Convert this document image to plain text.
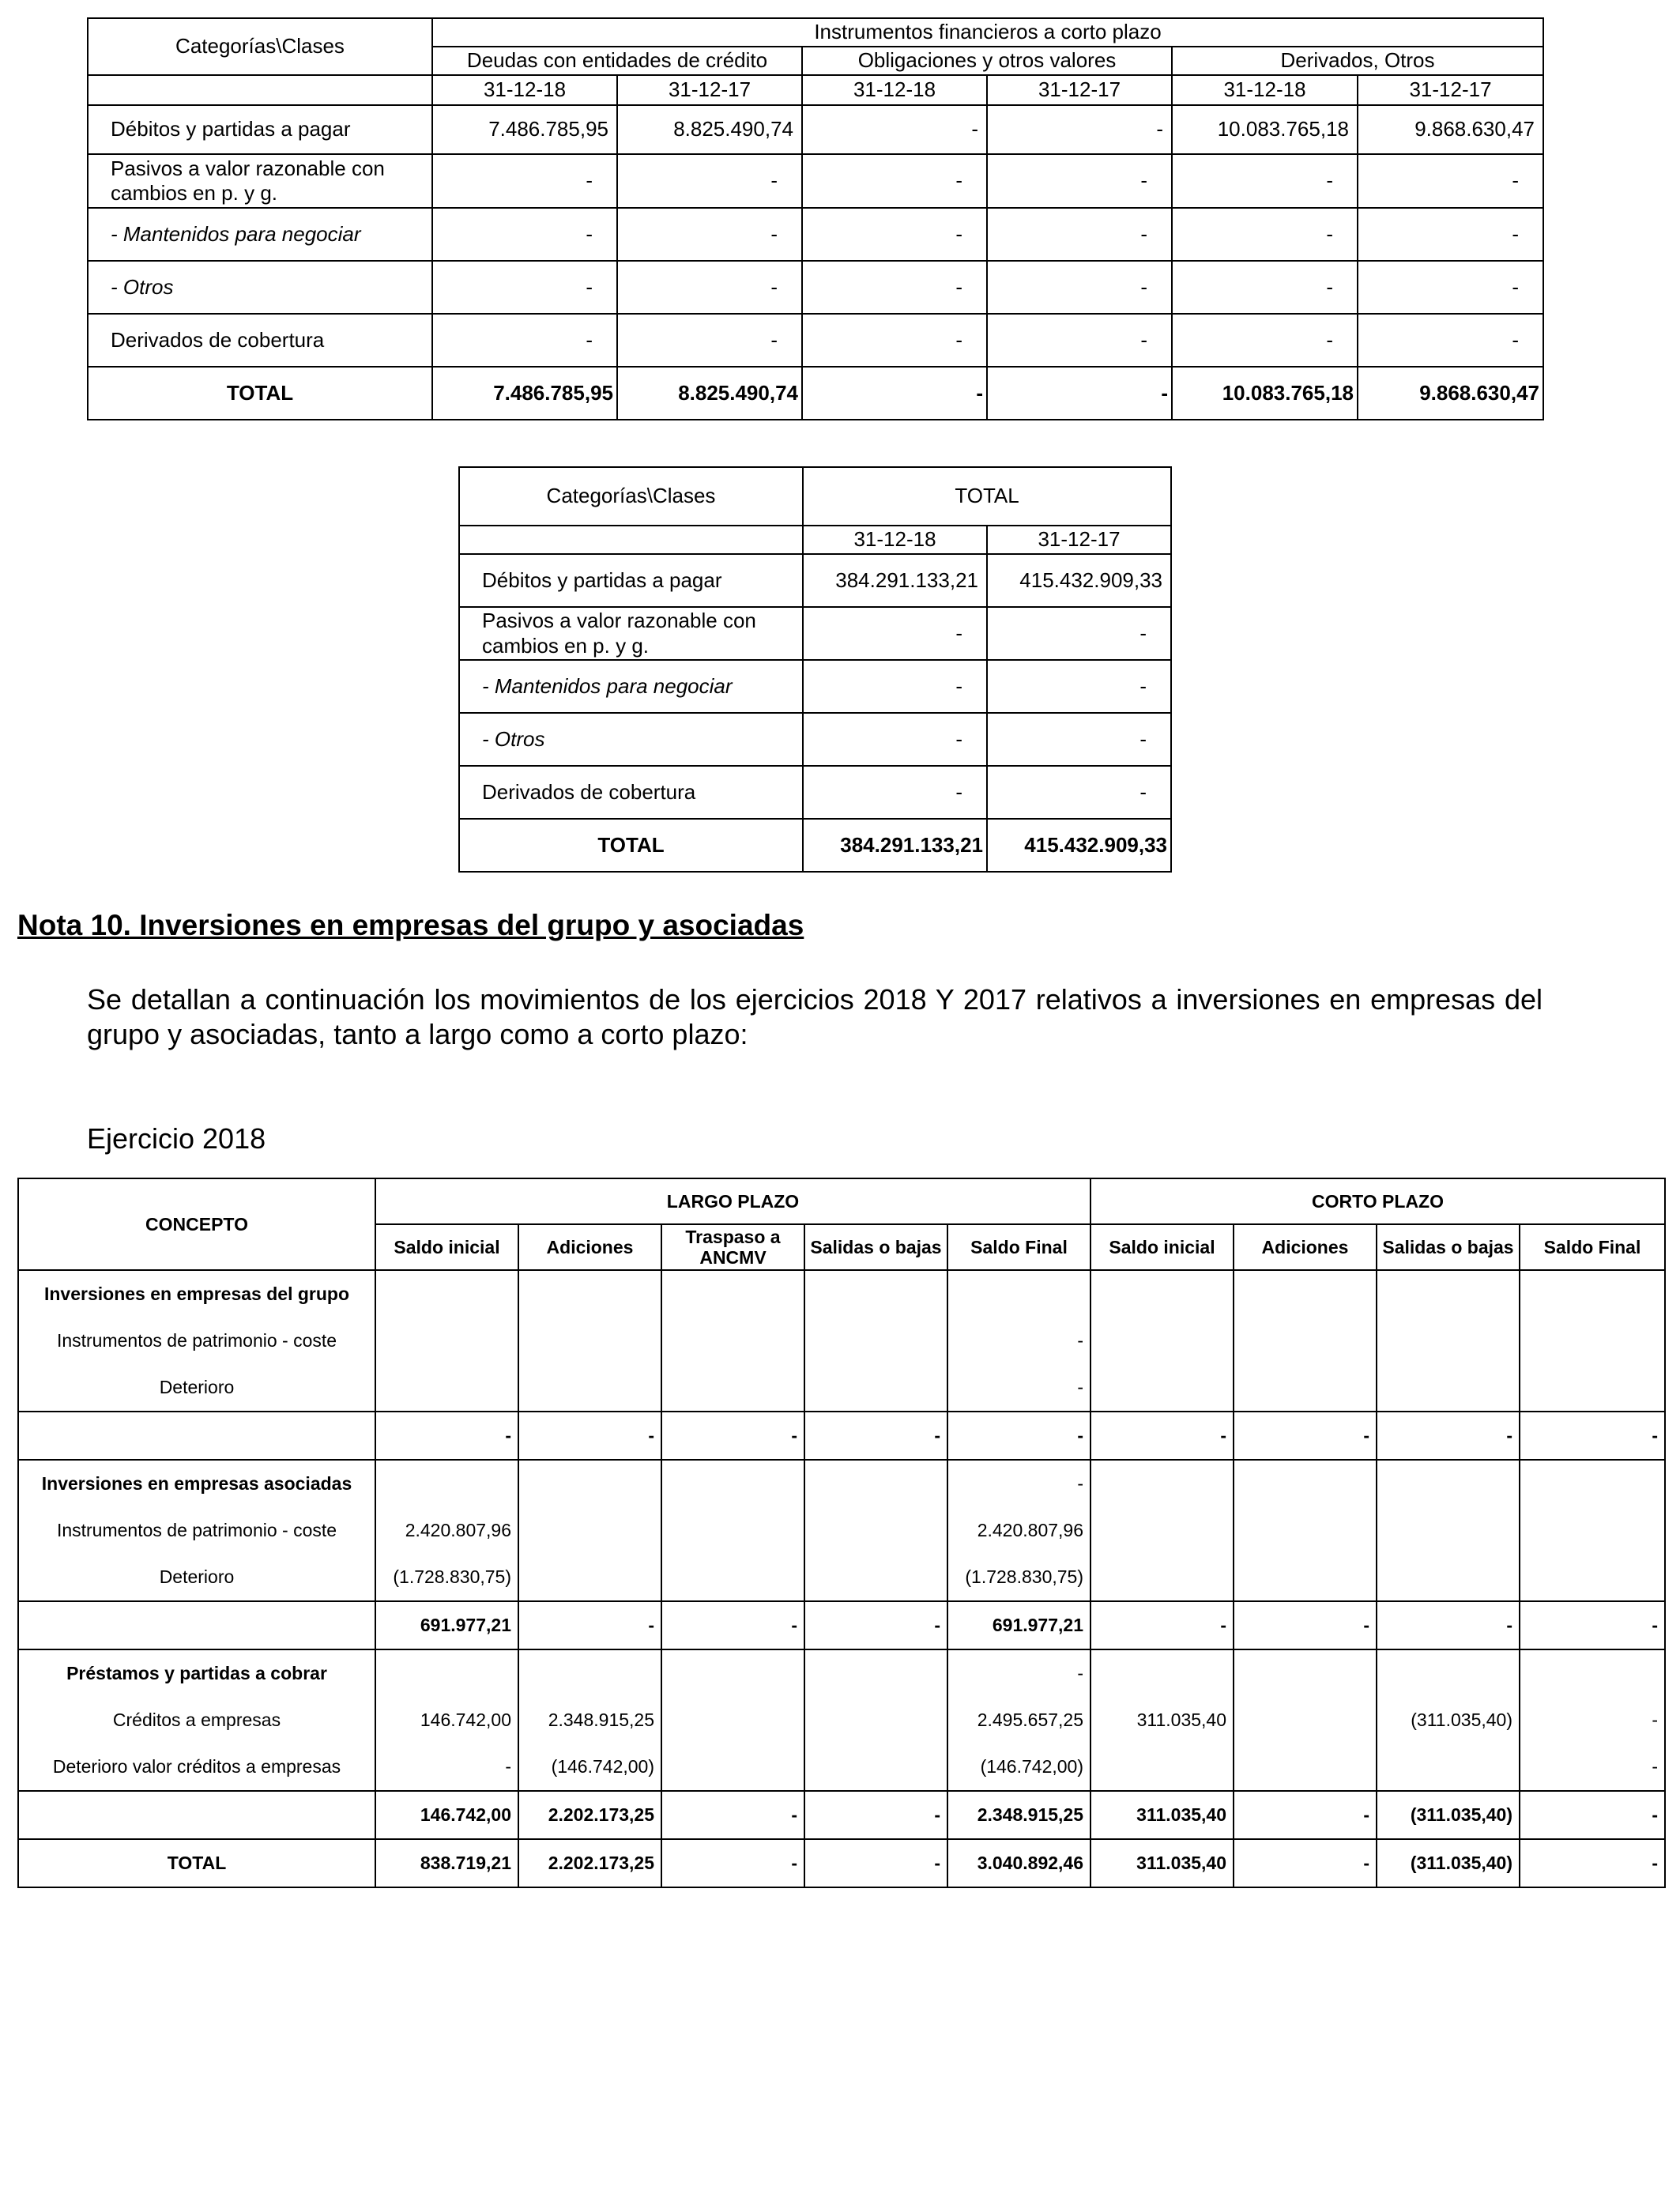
Categorías\Clases	Instrumentos financieros a corto plazo					
	Deudas con entidades de crédito		Obligaciones y otros valores		Derivados, Otros	
	31-12-18	31-12-17	31-12-18	31-12-17	31-12-18	31-12-17
Débitos y partidas a pagar	7.486.785,95	8.825.490,74	-	-	10.083.765,18	9.868.630,47
Pasivos a valor razonable con cambios en p. y g.	-	-	-	-	-	-
- Mantenidos para negociar	-	-	-	-	-	-
- Otros	-	-	-	-	-	-
Derivados de cobertura	-	-	-	-	-	-
TOTAL	7.486.785,95	8.825.490,74	-	-	10.083.765,18	9.868.630,47
Categorías\Clases	TOTAL	
	31-12-18	31-12-17
Débitos y partidas a pagar	384.291.133,21	415.432.909,33
Pasivos a valor razonable con cambios en p. y g.	-	-
- Mantenidos para negociar	-	-
- Otros	-	-
Derivados de cobertura	-	-
TOTAL	384.291.133,21	415.432.909,33
Nota 10. Inversiones en empresas del grupo y asociadas
Se detallan a continuación los movimientos de los ejercicios 2018 Y 2017 relativos a inversiones en empresas del grupo y asociadas, tanto a largo como a corto plazo:
Ejercicio 2018
CONCEPTO	LARGO PLAZO					CORTO PLAZO			
	Saldo inicial	Adiciones	Traspaso a ANCMV	Salidas o bajas	Saldo Final	Saldo inicial	Adiciones	Salidas o bajas	Saldo Final
Inversiones en empresas del grupo									
Instrumentos de patrimonio - coste					-				
Deterioro					-				
	-	-	-	-	-	-	-	-	-
Inversiones en empresas asociadas					-				
Instrumentos de patrimonio - coste	2.420.807,96				2.420.807,96				
Deterioro	(1.728.830,75)				(1.728.830,75)				
	691.977,21	-	-	-	691.977,21	-	-	-	-
Préstamos y partidas a cobrar					-				
Créditos a empresas	146.742,00	2.348.915,25			2.495.657,25	311.035,40		(311.035,40)	-
Deterioro valor créditos a empresas	-	(146.742,00)			(146.742,00)				-
	146.742,00	2.202.173,25	-	-	2.348.915,25	311.035,40	-	(311.035,40)	-
TOTAL	838.719,21	2.202.173,25	-	-	3.040.892,46	311.035,40	-	(311.035,40)	-
